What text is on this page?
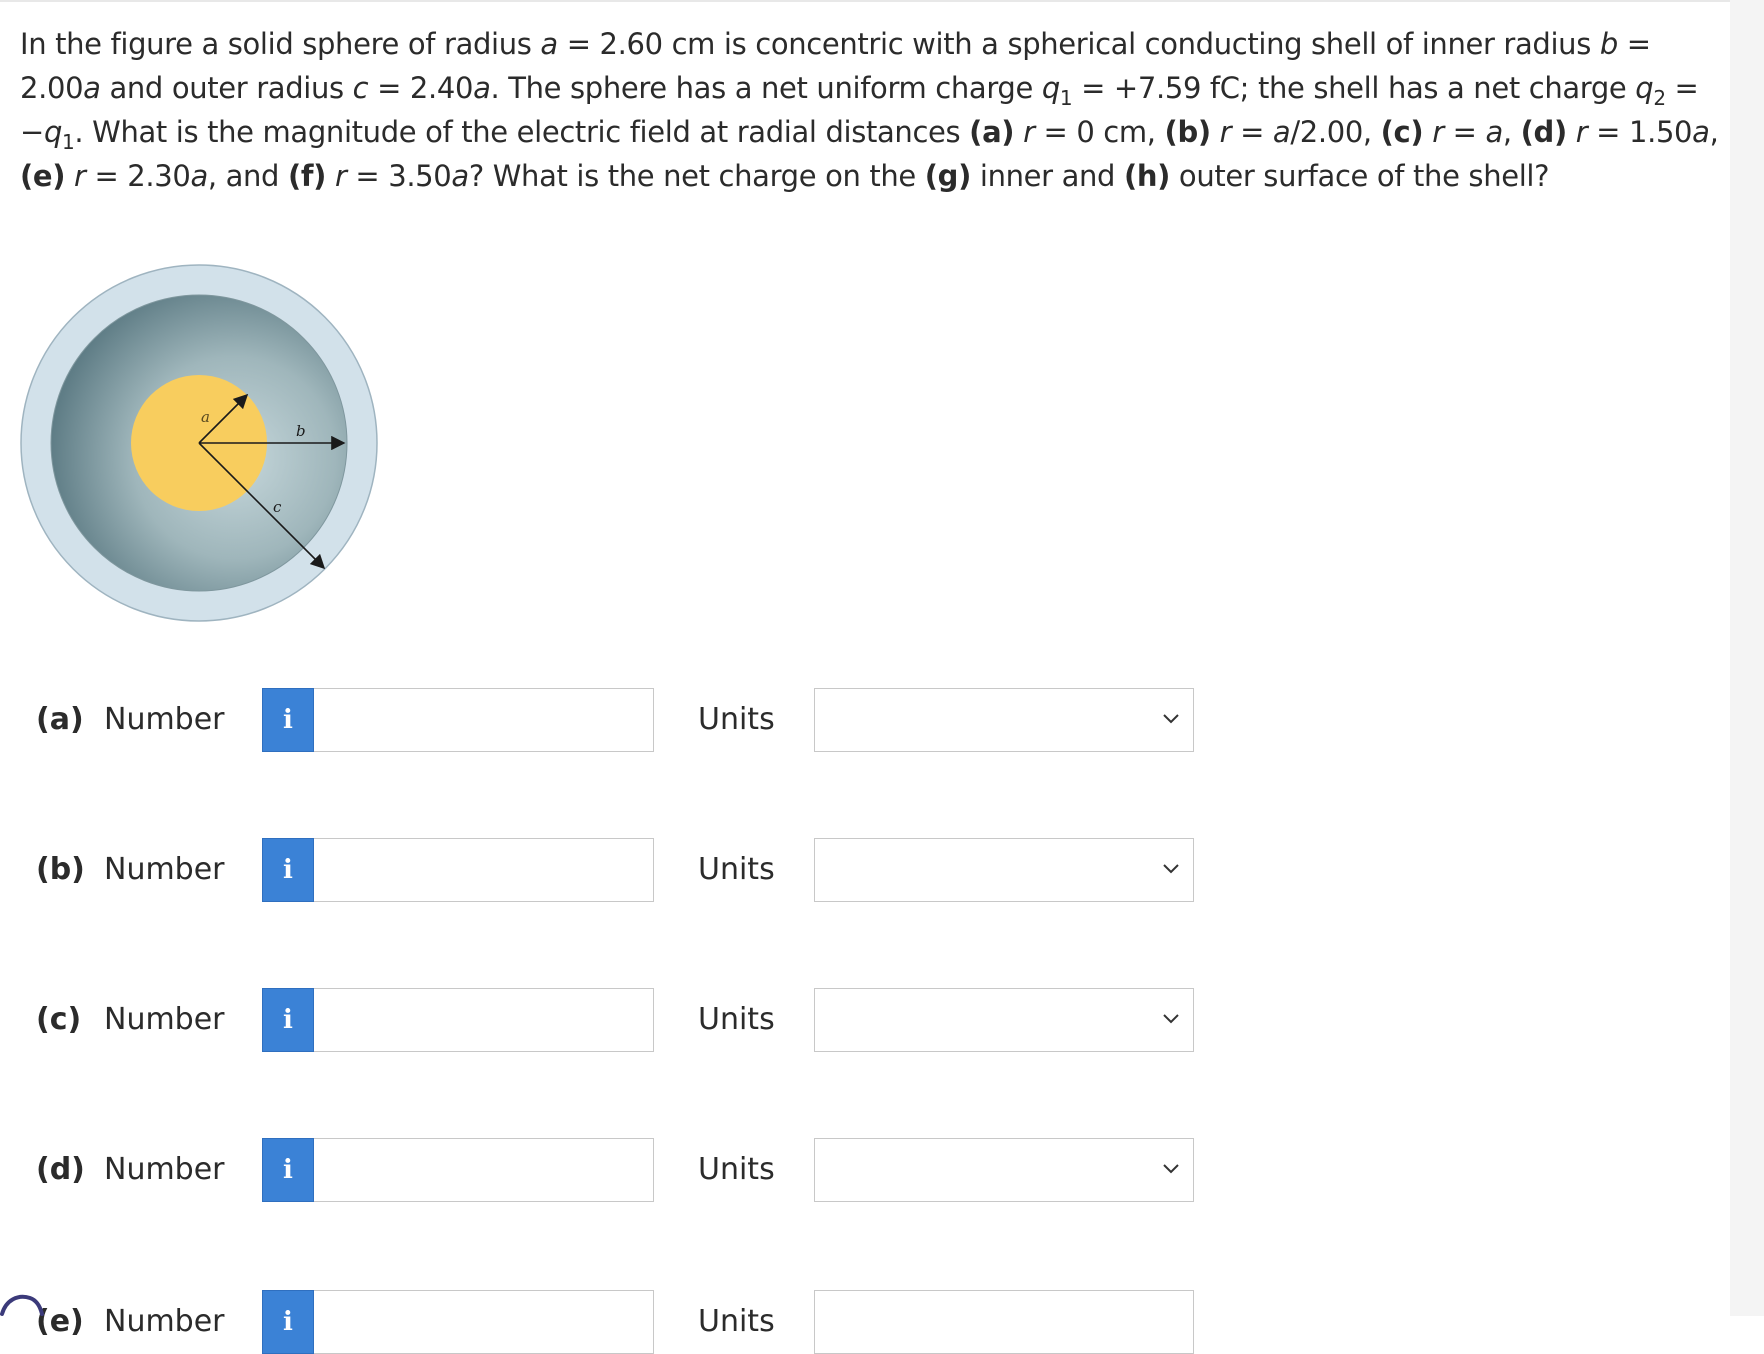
In the figure a solid sphere of radius a = 2.60 cm is concentric with a spherical conducting shell of inner radius b = 2.00a and outer radius c = 2.40a. The sphere has a net uniform charge $q_1 = +7.59$ fC; the shell has a net charge $q_2 = -q_1$. What is the magnitude of the electric field at radial distances (a) r = 0 cm, (b) r = a/2.00, (c) r = a, (d) r = 1.50a, (e) r = 2.30a, and (f) r = 3.50a? What is the net charge on the (g) inner and (h) outer surface of the shell?
a
b
c
(a) Number i	Units
(b) Number i	Units
(c) Number i	Units
(d) Number i	Units
(e) Number i	Units
